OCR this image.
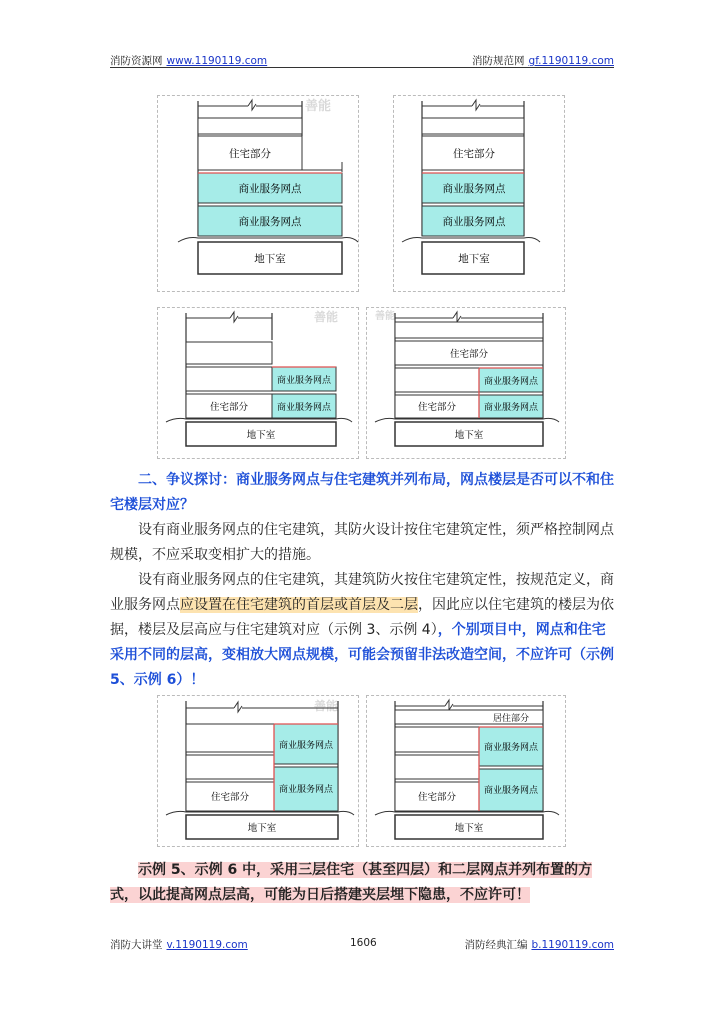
消防资源网 www.1190119.com	消防规范网 gf.1190119.com
善能
住宅部分
商业服务网点
商业服务网点
地下室
住宅部分
商业服务网点
商业服务网点
地下室
善能
商业服务网点
住宅部分	商业服务网点
地下室
善能
住宅部分
商业服务网点
住宅部分	商业服务网点
地下室
二、争议探讨：商业服务网点与住宅建筑并列布局，网点楼层是否可以不和住宅楼层对应？
设有商业服务网点的住宅建筑，其防火设计按住宅建筑定性，须严格控制网点规模，不应采取变相扩大的措施。
设有商业服务网点的住宅建筑，其建筑防火按住宅建筑定性，按规范定义，商业服务网点应设置在住宅建筑的首层或首层及二层，因此应以住宅建筑的楼层为依据，楼层及层高应与住宅建筑对应（示例 3、示例 4），个别项目中，网点和住宅采用不同的层高，变相放大网点规模，可能会预留非法改造空间，不应许可（示例 5、示例 6）！
善能
商业服务网点
住宅部分
商业服务网点
地下室
居住部分
商业服务网点
住宅部分
商业服务网点
地下室
示例 5、示例 6 中，采用三层住宅（甚至四层）和二层网点并列布置的方式，以此提高网点层高，可能为日后搭建夹层埋下隐患，不应许可！
消防大讲堂 v.1190119.com	1606	消防经典汇编 b.1190119.com
